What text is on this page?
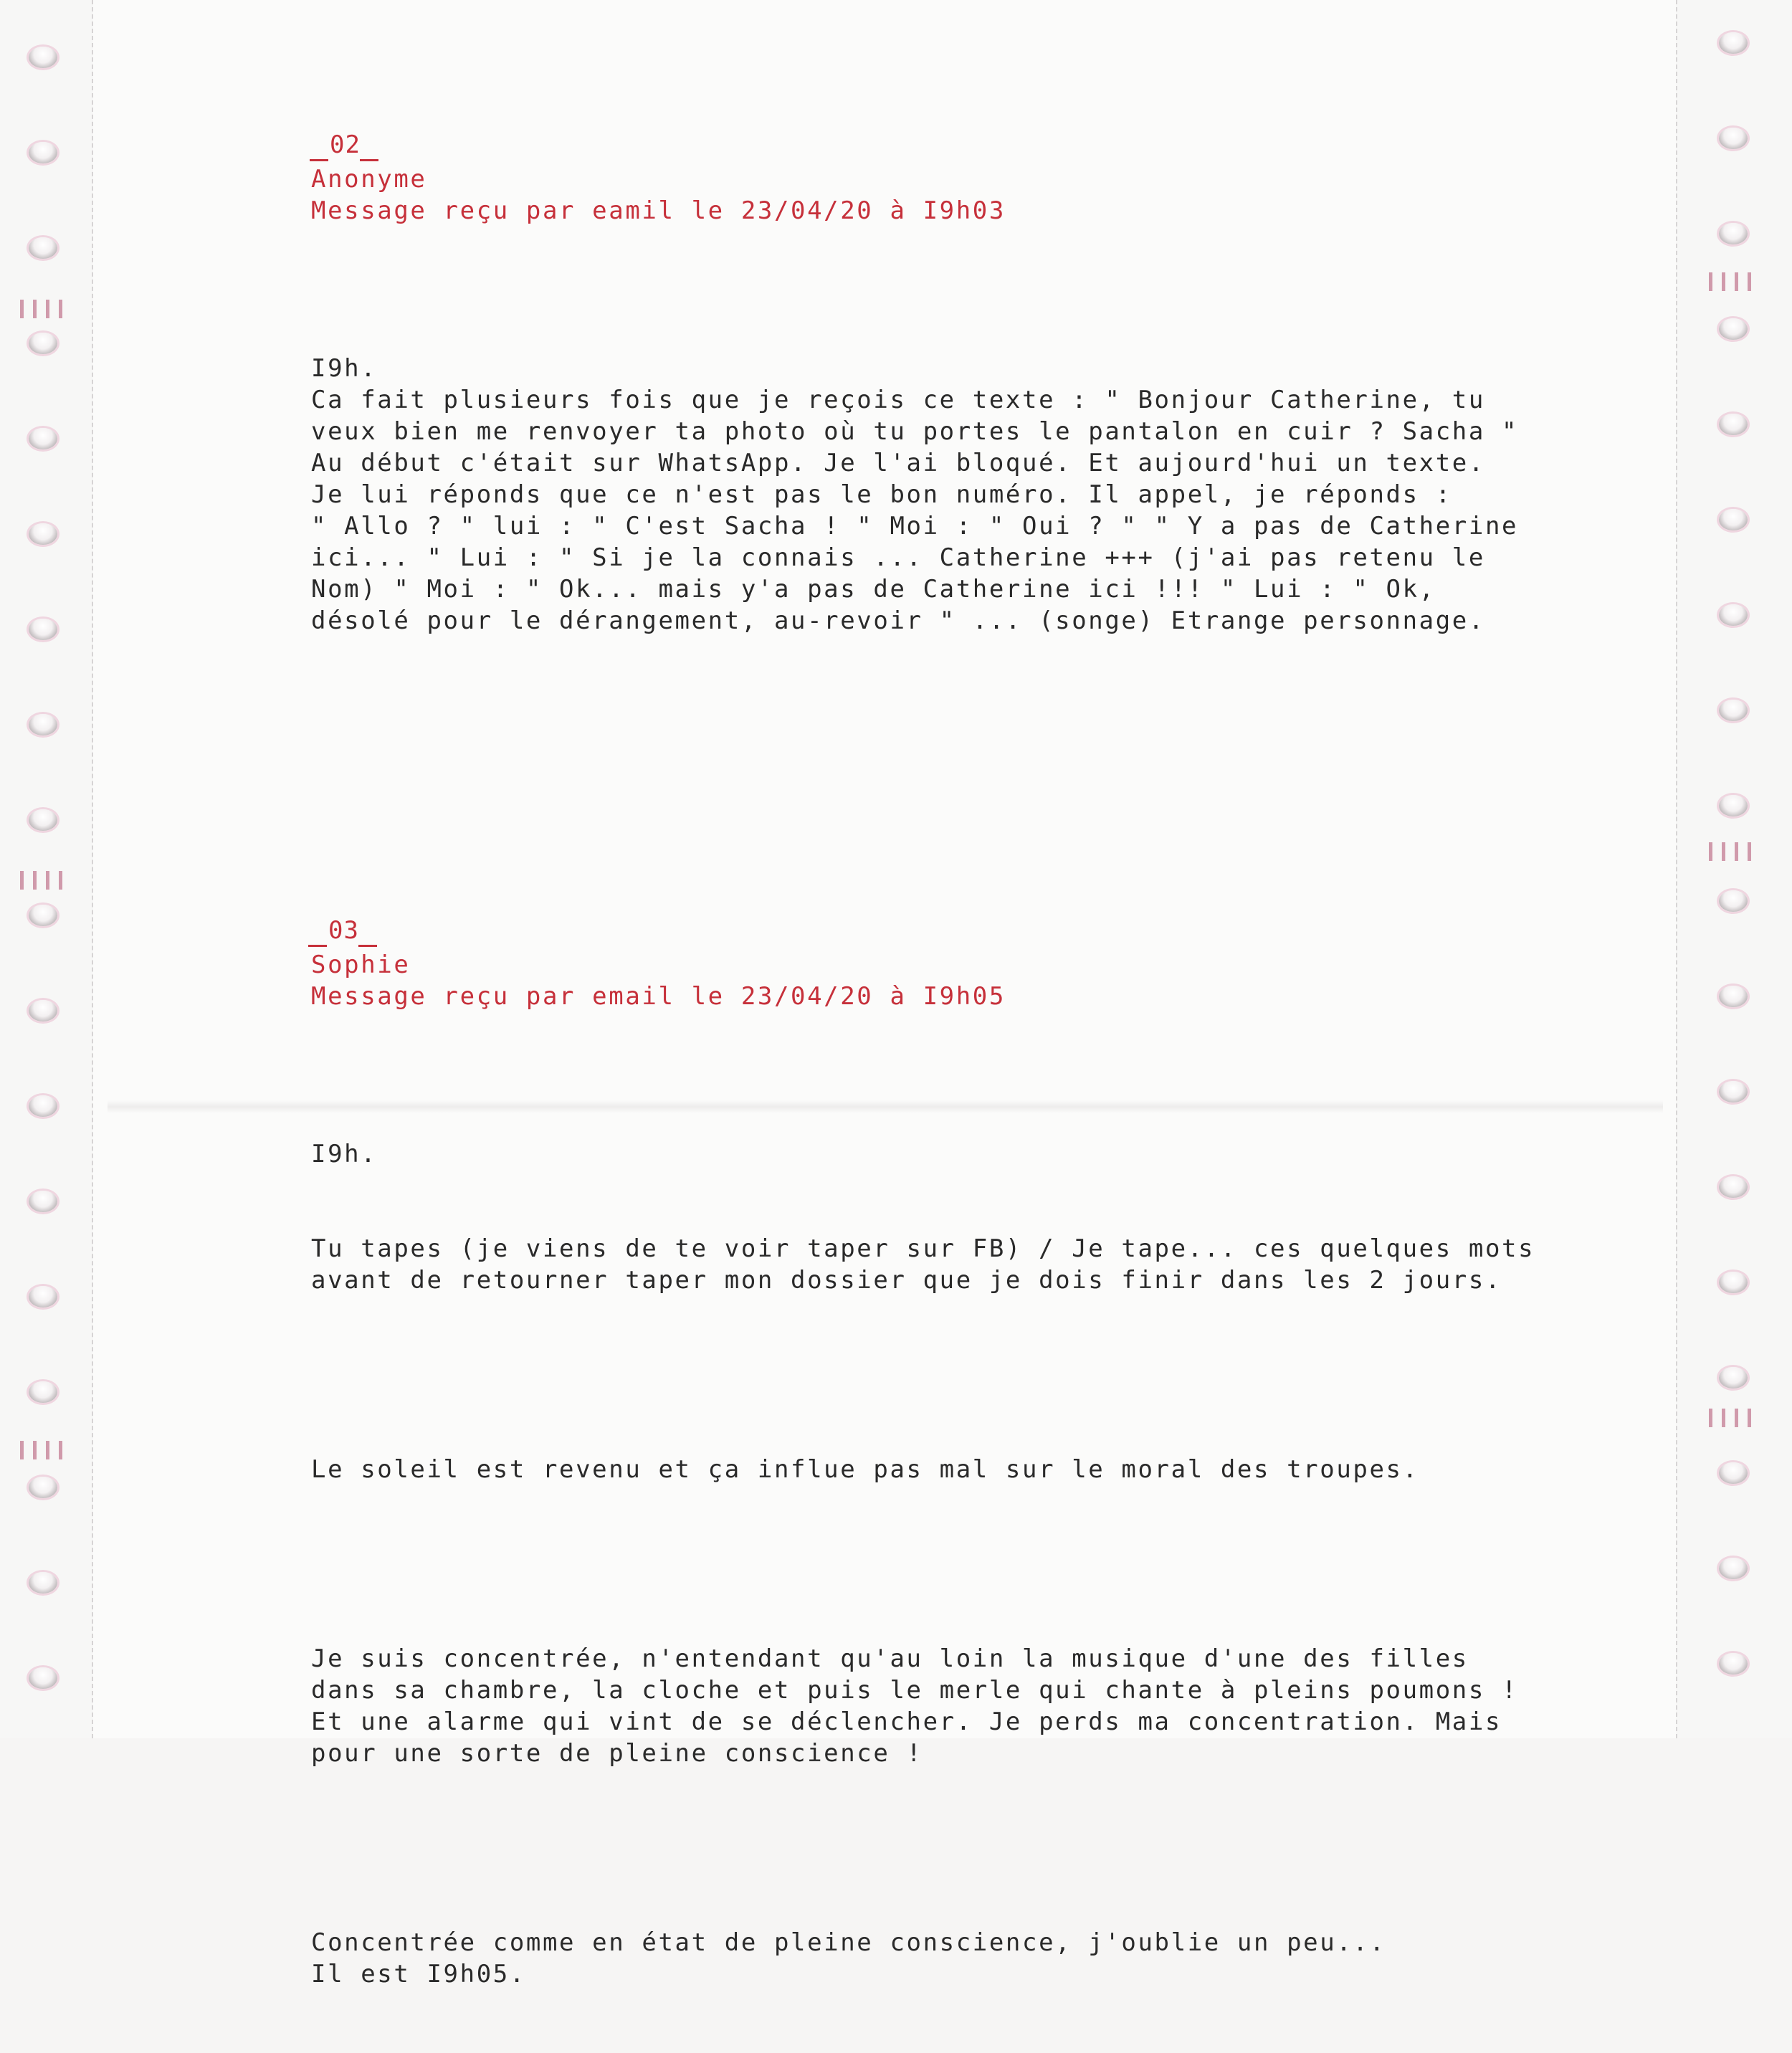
02
Anonyme
Message reçu par eamil le 23/04/20 à I9h03
I9h.
Ca fait plusieurs fois que je reçois ce texte : " Bonjour Catherine, tu
veux bien me renvoyer ta photo où tu portes le pantalon en cuir ? Sacha "
Au début c'était sur WhatsApp. Je l'ai bloqué. Et aujourd'hui un texte.
Je lui réponds que ce n'est pas le bon numéro. Il appel, je réponds :
" Allo ? " lui : " C'est Sacha ! " Moi : " Oui ? " " Y a pas de Catherine
ici... " Lui : " Si je la connais ... Catherine +++ (j'ai pas retenu le
Nom) " Moi : " Ok... mais y'a pas de Catherine ici !!! " Lui : " Ok,
désolé pour le dérangement, au-revoir " ... (songe) Etrange personnage.
03
Sophie
Message reçu par email le 23/04/20 à I9h05
I9h.

Tu tapes (je viens de te voir taper sur FB) / Je tape... ces quelques mots
avant de retourner taper mon dossier que je dois finir dans les 2 jours.

Le soleil est revenu et ça influe pas mal sur le moral des troupes.

Je suis concentrée, n'entendant qu'au loin la musique d'une des filles
dans sa chambre, la cloche et puis le merle qui chante à pleins poumons !
Et une alarme qui vint de se déclencher. Je perds ma concentration. Mais
pour une sorte de pleine conscience !

Concentrée comme en état de pleine conscience, j'oublie un peu...
Il est I9h05.
